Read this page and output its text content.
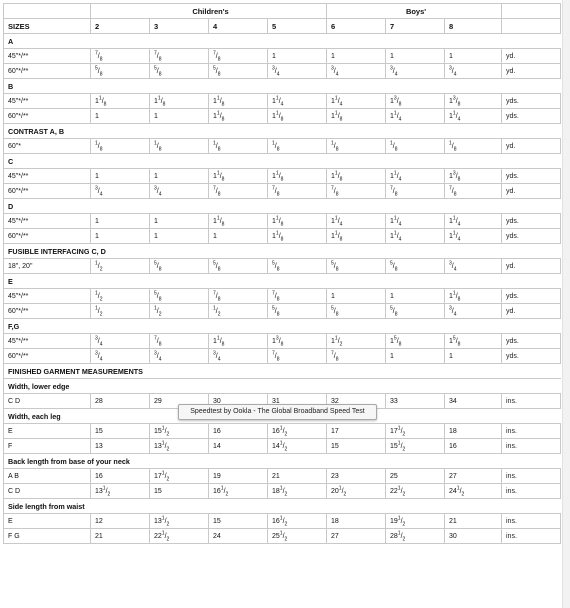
	Children's				Boys'			
SIZES	2	3	4	5	6	7	8	
A								
45"*/**	$^7/_8$	$^7/_8$	$^7/_8$	1	1	1	1	yd.
60"*/**	$^5/_8$	$^5/_8$	$^5/_8$	$^3/_4$	$^3/_4$	$^3/_4$	$^3/_4$	yd.
B								
45"*/**	$1^1/_8$	$1^1/_8$	$1^1/_8$	$1^1/_4$	$1^1/_4$	$1^3/_8$	$1^3/_8$	yds.
60"*/**	1	1	$1^1/_8$	$1^1/_8$	$1^1/_8$	$1^1/_4$	$1^1/_4$	yds.
CONTRAST A, B								
60"*	$^1/_8$	$^1/_8$	$^1/_8$	$^1/_8$	$^1/_8$	$^1/_8$	$^1/_8$	yd.
C								
45"*/**	1	1	$1^1/_8$	$1^1/_8$	$1^1/_8$	$1^1/_4$	$1^3/_8$	yds.
60"*/**	$^3/_4$	$^3/_4$	$^7/_8$	$^7/_8$	$^7/_8$	$^7/_8$	$^7/_8$	yd.
D								
45"*/**	1	1	$1^1/_8$	$1^1/_8$	$1^1/_4$	$1^1/_4$	$1^1/_4$	yds.
60"*/**	1	1	1	$1^1/_8$	$1^1/_8$	$1^1/_4$	$1^1/_4$	yds.
FUSIBLE INTERFACING C, D								
18", 20"	$^1/_2$	$^5/_8$	$^5/_8$	$^5/_8$	$^5/_8$	$^5/_8$	$^3/_4$	yd.
E								
45"*/**	$^1/_2$	$^5/_8$	$^7/_8$	$^7/_8$	1	1	$1^1/_8$	yds.
60"*/**	$^1/_2$	$^1/_2$	$^1/_2$	$^5/_8$	$^5/_8$	$^5/_8$	$^3/_4$	yd.
F,G								
45"*/**	$^3/_4$	$^7/_8$	$1^1/_8$	$1^3/_8$	$1^1/_2$	$1^5/_8$	$1^5/_8$	yds.
60"*/**	$^3/_4$	$^3/_4$	$^3/_4$	$^7/_8$	$^7/_8$	1	1	yds.
FINISHED GARMENT MEASUREMENTS								
Width, lower edge								
C D	28	29	30	31	32	33	34	ins.
Width, each leg								
E	15	$15^1/_2$	16	$16^1/_2$	17	$17^1/_2$	18	ins.
F	13	$13^1/_2$	14	$14^1/_2$	15	$15^1/_2$	16	ins.
Back length from base of your neck								
A B	16	$17^1/_2$	19	21	23	25	27	ins.
C D	$13^1/_2$	15	$16^1/_2$	$18^1/_2$	$20^1/_2$	$22^1/_2$	$24^1/_2$	ins.
Side length from waist								
E	12	$13^1/_2$	15	$16^1/_2$	18	$19^1/_2$	21	ins.
F G	21	$22^1/_2$	24	$25^1/_2$	27	$28^1/_2$	30	ins.
Speedtest by Ookla - The Global Broadband Speed Test
